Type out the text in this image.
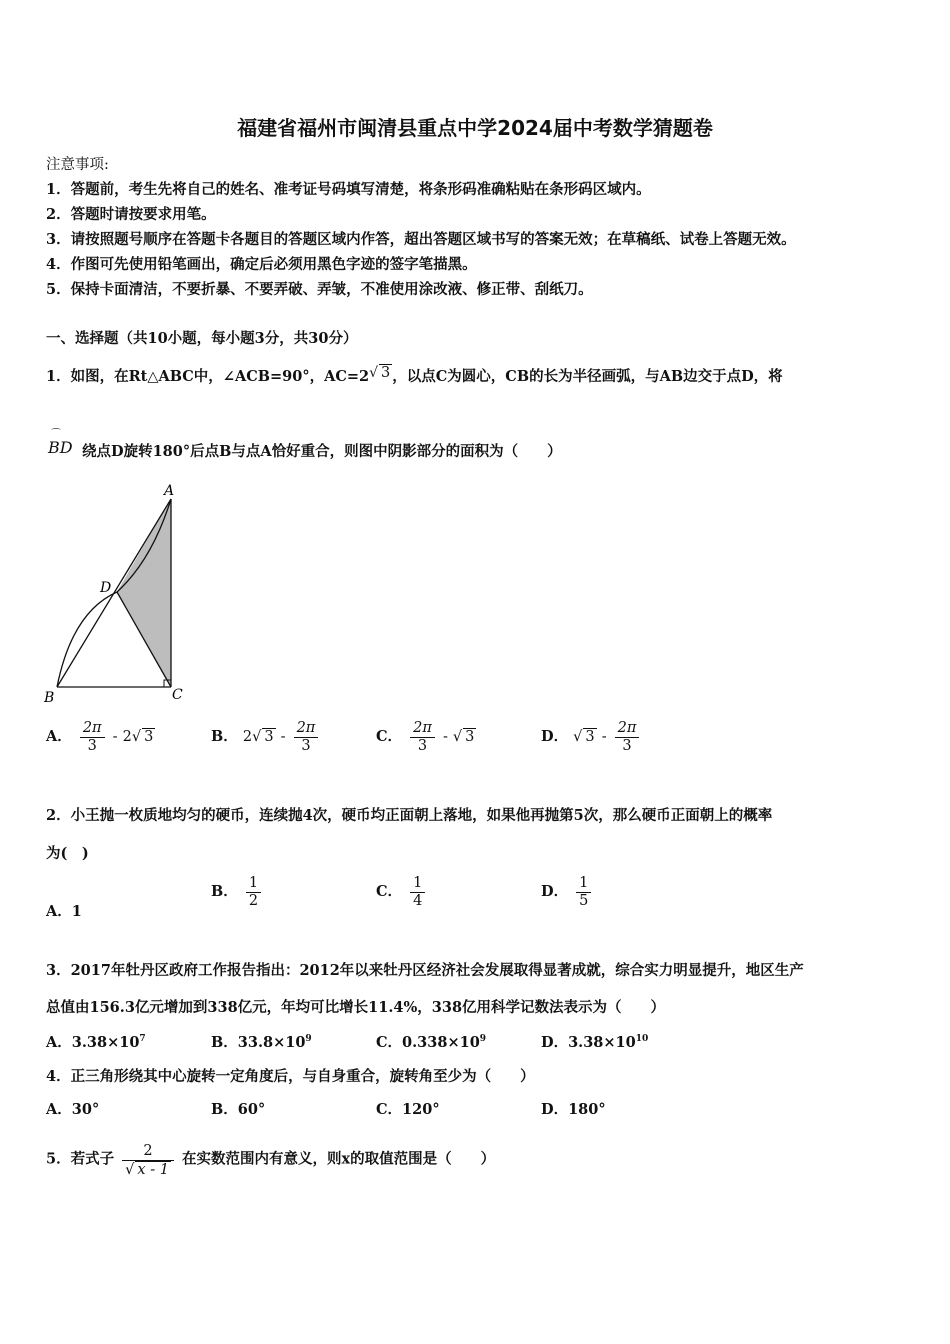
福建省福州市闽清县重点中学2024届中考数学猜题卷
注意事项:
1．答题前，考生先将自己的姓名、准考证号码填写清楚，将条形码准确粘贴在条形码区域内。
2．答题时请按要求用笔。
3．请按照题号顺序在答题卡各题目的答题区域内作答，超出答题区域书写的答案无效；在草稿纸、试卷上答题无效。
4．作图可先使用铅笔画出，确定后必须用黑色字迹的签字笔描黑。
5．保持卡面清洁，不要折暴、不要弄破、弄皱，不准使用涂改液、修正带、刮纸刀。
一、选择题（共10小题，每小题3分，共30分）
1．如图，在Rt△ABC中，∠ACB=90°，AC=2√ 3 ，以点C为圆心，CB的长为半径画弧，与AB边交于点D，将
⌒
BD 绕点D旋转180°后点B与点A恰好重合，则图中阴影部分的面积为（　　）
A
D
B	C
A． $\frac{2\pi}{3} - 2√$ 3	B． 2√ $3 - \frac{2\pi}{3}$	C． $\frac{2\pi}{3}$ - √ 3	D． √ $3 - \frac{2\pi}{3}$
2．小王抛一枚质地均匀的硬币，连续抛4次，硬币均正面朝上落地，如果他再抛第5次，那么硬币正面朝上的概率
为(　)
A．1
B． $\frac{1}{2}$	C． $\frac{1}{4}$	D． $\frac{1}{5}$
3．2017年牡丹区政府工作报告指出：2012年以来牡丹区经济社会发展取得显著成就，综合实力明显提升，地区生产
总值由156.3亿元增加到338亿元，年均可比增长11.4%，338亿用科学记数法表示为（　　）
A．$3.38\times 10^7$	B．$33.8\times 10^9$	C．$0.338\times 10^9$	D．$3.38\times 10^{10}$
4．正三角形绕其中心旋转一定角度后，与自身重合，旋转角至少为（　　）
A．30°	B．60°	C．120°	D．180°
5．若式子 $\frac{2}{√ x - 1}$ 在实数范围内有意义，则x的取值范围是（　　）
